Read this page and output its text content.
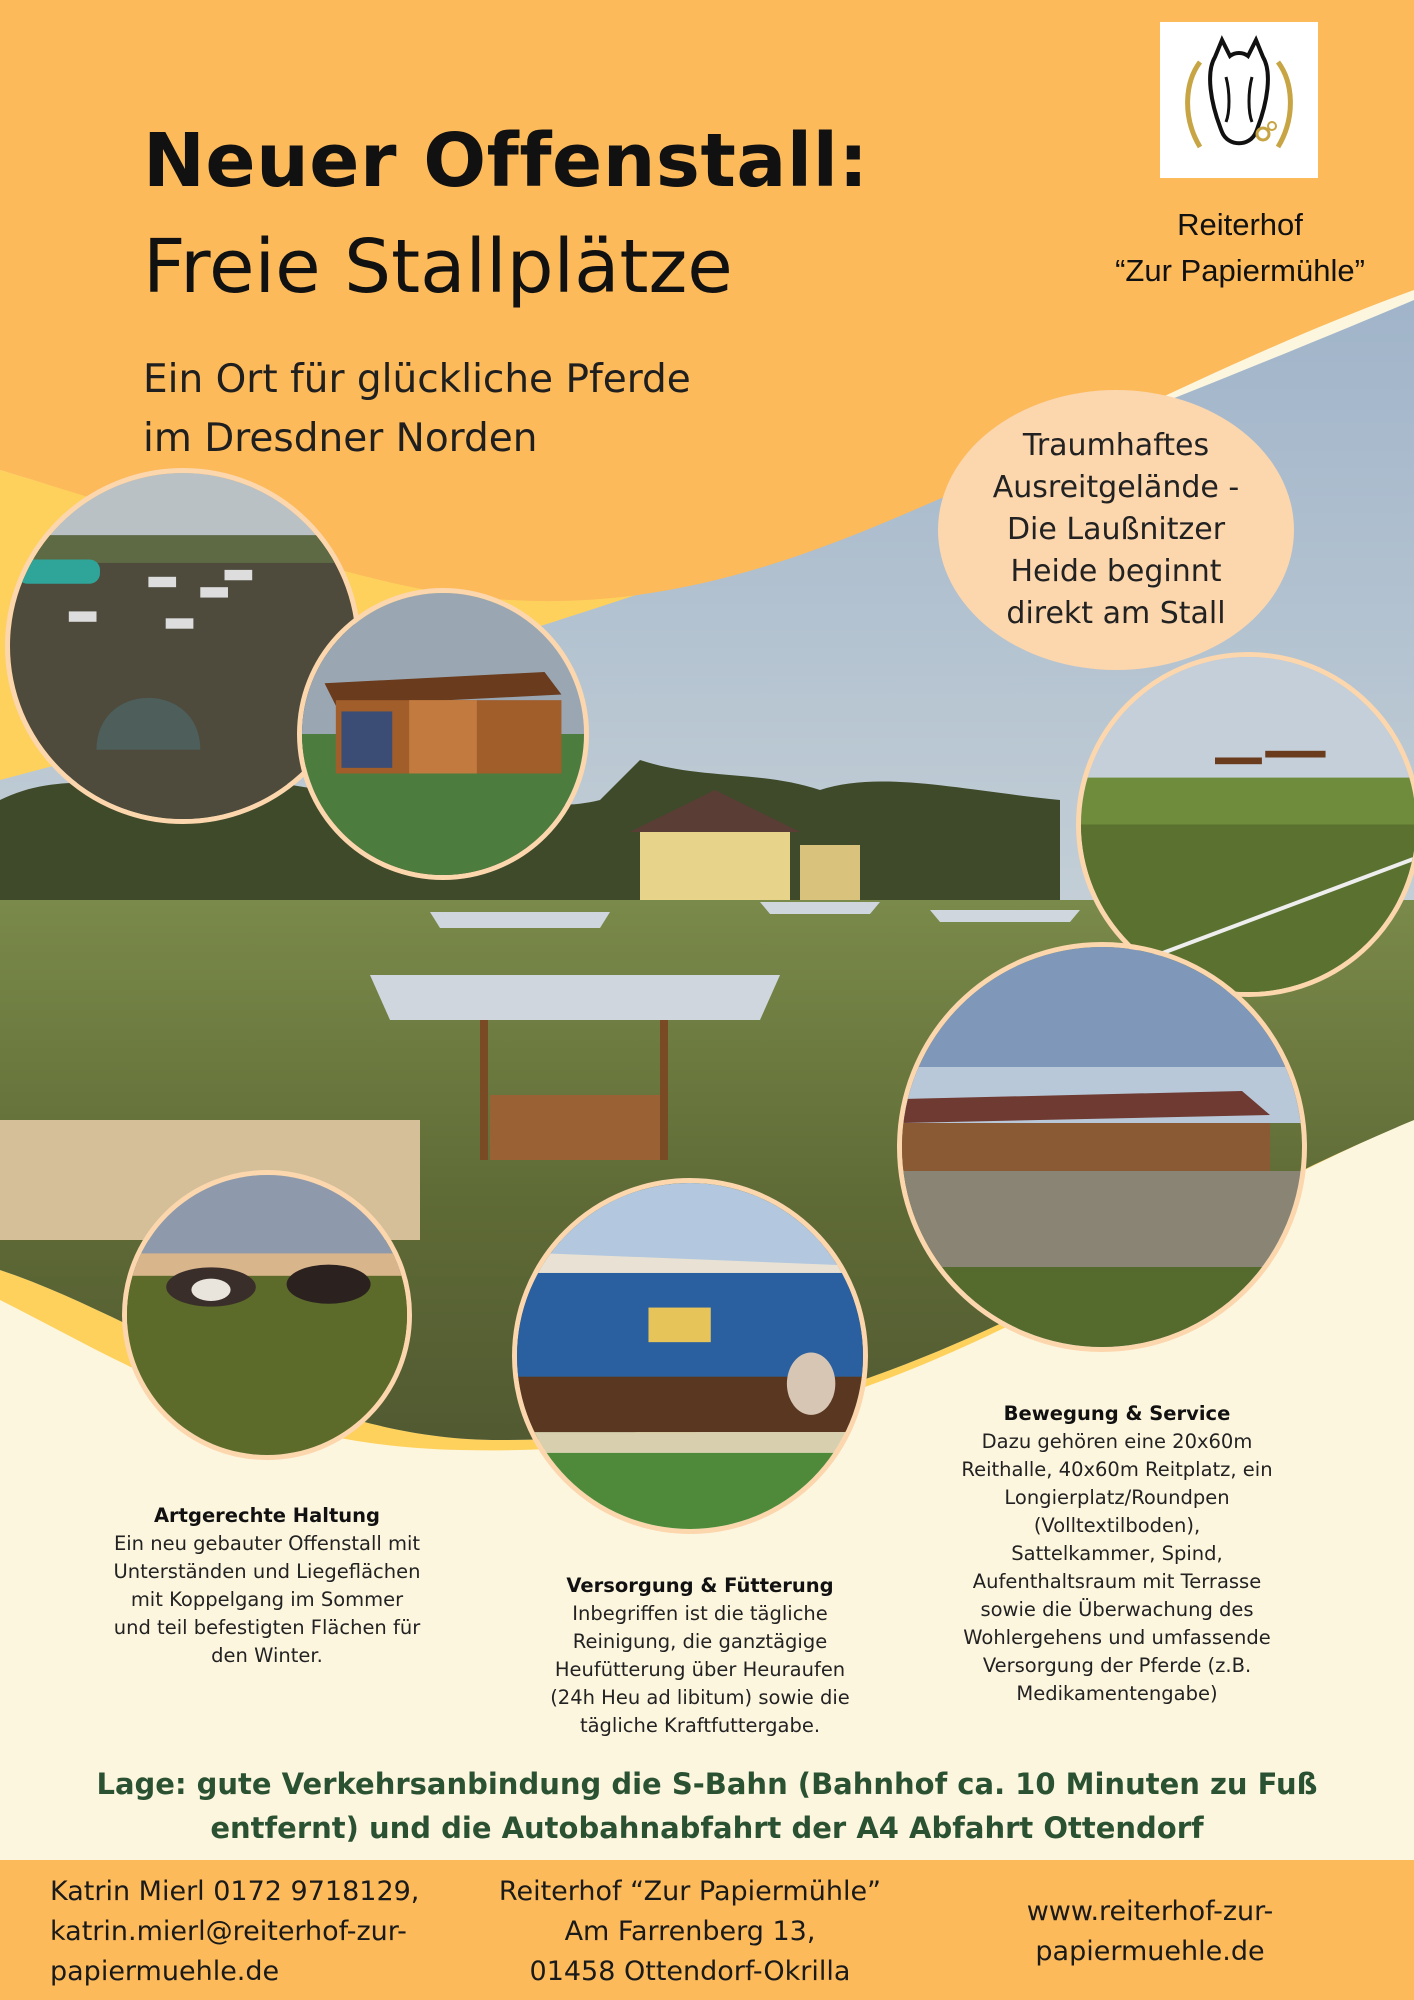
Neuer Offenstall:
Freie Stallplätze
Ein Ort für glückliche Pferde
im Dresdner Norden
Reiterhof
“Zur Papiermühle”
Traumhaftes
Ausreitgelände -
Die Laußnitzer
Heide beginnt
direkt am Stall
Artgerechte Haltung
Ein neu gebauter Offenstall mit
Unterständen und Liegeflächen
mit Koppelgang im Sommer
und teil befestigten Flächen für
den Winter.
Versorgung & Fütterung
Inbegriffen ist die tägliche
Reinigung, die ganztägige
Heufütterung über Heuraufen
(24h Heu ad libitum) sowie die
tägliche Kraftfuttergabe.
Bewegung & Service
Dazu gehören eine 20x60m
Reithalle, 40x60m Reitplatz, ein
Longierplatz/Roundpen
(Volltextilboden),
Sattelkammer, Spind,
Aufenthaltsraum mit Terrasse
sowie die Überwachung des
Wohlergehens und umfassende
Versorgung der Pferde (z.B.
Medikamentengabe)
Lage: gute Verkehrsanbindung die S-Bahn (Bahnhof ca. 10 Minuten zu Fuß
entfernt) und die Autobahnabfahrt der A4 Abfahrt Ottendorf
Katrin Mierl 0172 9718129,
katrin.mierl@reiterhof-zur-
papiermuehle.de
Reiterhof “Zur Papiermühle”
Am Farrenberg 13,
01458 Ottendorf-Okrilla
www.reiterhof-zur-
papiermuehle.de
